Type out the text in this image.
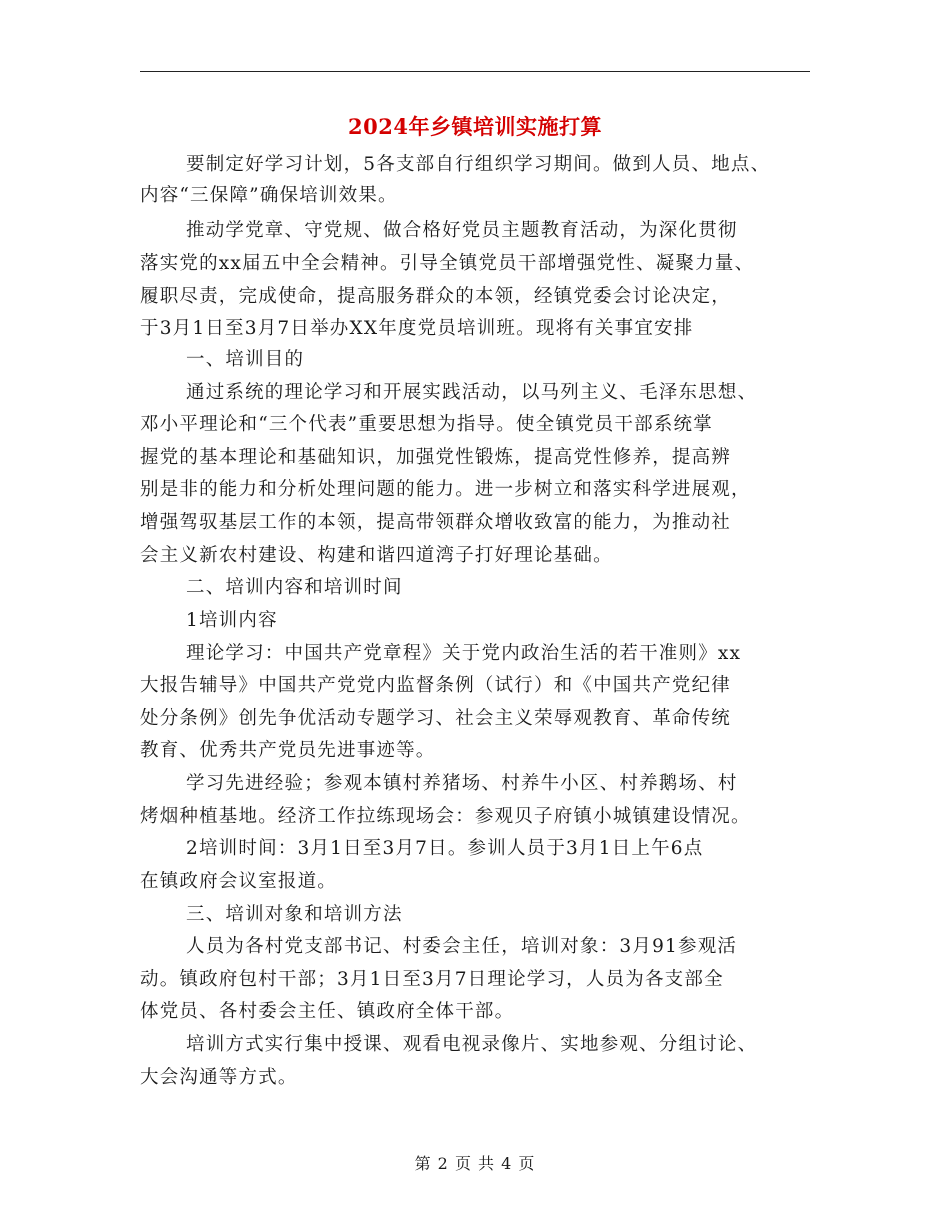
2024年乡镇培训实施打算

要制定好学习计划，5各支部自行组织学习期间。做到人员、地点、

内容“三保障”确保培训效果。

推动学党章、守党规、做合格好党员主题教育活动，为深化贯彻

落实党的xx届五中全会精神。引导全镇党员干部增强党性、凝聚力量、

履职尽责，完成使命，提高服务群众的本领，经镇党委会讨论决定，

于3月1日至3月7日举办XX年度党员培训班。现将有关事宜安排

一、培训目的

通过系统的理论学习和开展实践活动，以马列主义、毛泽东思想、

邓小平理论和“三个代表”重要思想为指导。使全镇党员干部系统掌

握党的基本理论和基础知识，加强党性锻炼，提高党性修养，提高辨

别是非的能力和分析处理问题的能力。进一步树立和落实科学进展观，

增强驾驭基层工作的本领，提高带领群众增收致富的能力，为推动社

会主义新农村建设、构建和谐四道湾子打好理论基础。

二、培训内容和培训时间

1培训内容

理论学习：中国共产党章程》关于党内政治生活的若干准则》xx

大报告辅导》中国共产党党内监督条例（试行）和《中国共产党纪律

处分条例》创先争优活动专题学习、社会主义荣辱观教育、革命传统

教育、优秀共产党员先进事迹等。

学习先进经验；参观本镇村养猪场、村养牛小区、村养鹅场、村

烤烟种植基地。经济工作拉练现场会：参观贝子府镇小城镇建设情况。

2培训时间：3月1日至3月7日。参训人员于3月1日上午6点

在镇政府会议室报道。

三、培训对象和培训方法

人员为各村党支部书记、村委会主任，培训对象：3月91参观活

动。镇政府包村干部；3月1日至3月7日理论学习，人员为各支部全

体党员、各村委会主任、镇政府全体干部。

培训方式实行集中授课、观看电视录像片、实地参观、分组讨论、

大会沟通等方式。

第 2 页 共 4 页
